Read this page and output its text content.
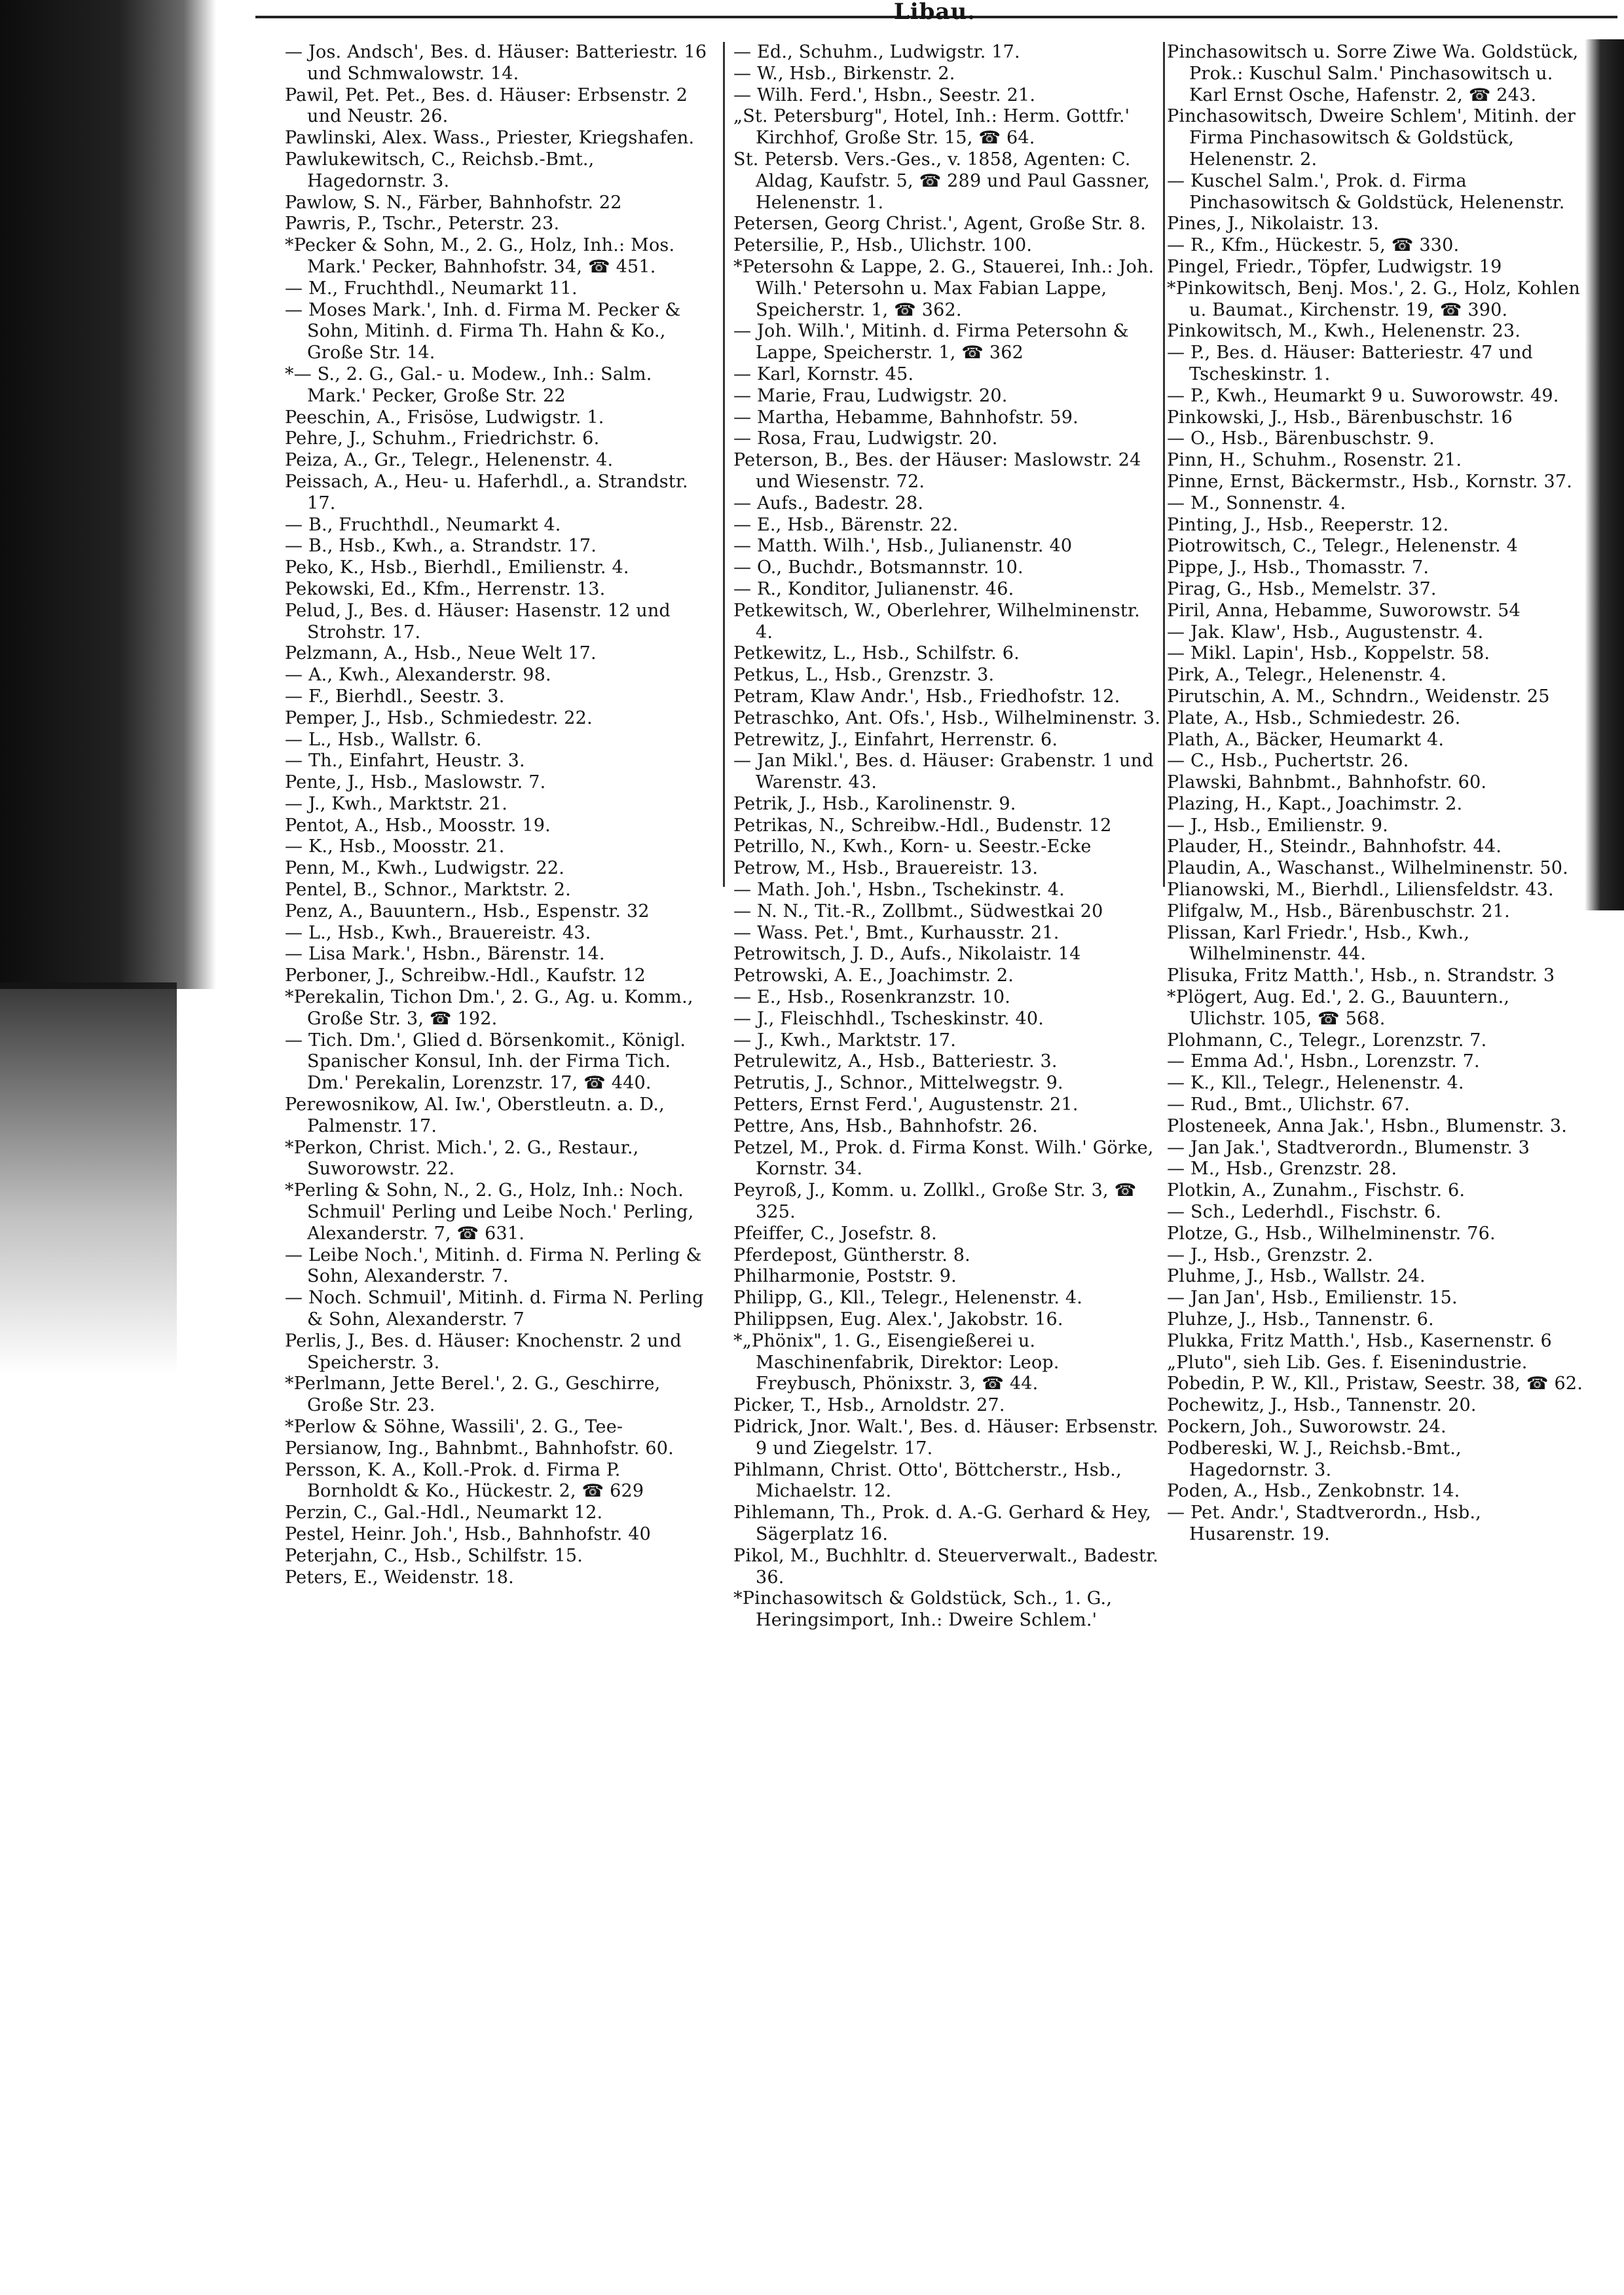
Libau.
— Jos. Andsch', Bes. d. Häuser: Batteriestr. 16 und Schmwalowstr. 14.
Pawil, Pet. Pet., Bes. d. Häuser: Erbsenstr. 2 und Neustr. 26.
Pawlinski, Alex. Wass., Priester, Kriegshafen.
Pawlukewitsch, C., Reichsb.-Bmt., Hagedornstr. 3.
Pawlow, S. N., Färber, Bahnhofstr. 22
Pawris, P., Tschr., Peterstr. 23.
*Pecker & Sohn, M., 2. G., Holz, Inh.: Mos. Mark.' Pecker, Bahnhofstr. 34, ☎ 451.
— M., Fruchthdl., Neumarkt 11.
— Moses Mark.', Inh. d. Firma M. Pecker & Sohn, Mitinh. d. Firma Th. Hahn & Ko., Große Str. 14.
*— S., 2. G., Gal.- u. Modew., Inh.: Salm. Mark.' Pecker, Große Str. 22
Peeschin, A., Frisöse, Ludwigstr. 1.
Pehre, J., Schuhm., Friedrichstr. 6.
Peiza, A., Gr., Telegr., Helenenstr. 4.
Peissach, A., Heu- u. Haferhdl., a. Strandstr. 17.
— B., Fruchthdl., Neumarkt 4.
— B., Hsb., Kwh., a. Strandstr. 17.
Peko, K., Hsb., Bierhdl., Emilienstr. 4.
Pekowski, Ed., Kfm., Herrenstr. 13.
Pelud, J., Bes. d. Häuser: Hasenstr. 12 und Strohstr. 17.
Pelzmann, A., Hsb., Neue Welt 17.
— A., Kwh., Alexanderstr. 98.
— F., Bierhdl., Seestr. 3.
Pemper, J., Hsb., Schmiedestr. 22.
— L., Hsb., Wallstr. 6.
— Th., Einfahrt, Heustr. 3.
Pente, J., Hsb., Maslowstr. 7.
— J., Kwh., Marktstr. 21.
Pentot, A., Hsb., Moosstr. 19.
— K., Hsb., Moosstr. 21.
Penn, M., Kwh., Ludwigstr. 22.
Pentel, B., Schnor., Marktstr. 2.
Penz, A., Bauuntern., Hsb., Espenstr. 32
— L., Hsb., Kwh., Brauereistr. 43.
— Lisa Mark.', Hsbn., Bärenstr. 14.
Perboner, J., Schreibw.-Hdl., Kaufstr. 12
*Perekalin, Tichon Dm.', 2. G., Ag. u. Komm., Große Str. 3, ☎ 192.
— Tich. Dm.', Glied d. Börsenkomit., Königl. Spanischer Konsul, Inh. der Firma Tich. Dm.' Perekalin, Lorenzstr. 17, ☎ 440.
Perewosnikow, Al. Iw.', Oberstleutn. a. D., Palmenstr. 17.
*Perkon, Christ. Mich.', 2. G., Restaur., Suworowstr. 22.
*Perling & Sohn, N., 2. G., Holz, Inh.: Noch. Schmuil' Perling und Leibe Noch.' Perling, Alexanderstr. 7, ☎ 631.
— Leibe Noch.', Mitinh. d. Firma N. Perling & Sohn, Alexanderstr. 7.
— Noch. Schmuil', Mitinh. d. Firma N. Perling & Sohn, Alexanderstr. 7
Perlis, J., Bes. d. Häuser: Knochenstr. 2 und Speicherstr. 3.
*Perlmann, Jette Berel.', 2. G., Geschirre, Große Str. 23.
*Perlow & Söhne, Wassili', 2. G., Tee-
Persianow, Ing., Bahnbmt., Bahnhofstr. 60.
Persson, K. A., Koll.-Prok. d. Firma P. Bornholdt & Ko., Hückestr. 2, ☎ 629
Perzin, C., Gal.-Hdl., Neumarkt 12.
Pestel, Heinr. Joh.', Hsb., Bahnhofstr. 40
Peterjahn, C., Hsb., Schilfstr. 15.
Peters, E., Weidenstr. 18.
— Ed., Schuhm., Ludwigstr. 17.
— W., Hsb., Birkenstr. 2.
— Wilh. Ferd.', Hsbn., Seestr. 21.
„St. Petersburg", Hotel, Inh.: Herm. Gottfr.' Kirchhof, Große Str. 15, ☎ 64.
St. Petersb. Vers.-Ges., v. 1858, Agenten: C. Aldag, Kaufstr. 5, ☎ 289 und Paul Gassner, Helenenstr. 1.
Petersen, Georg Christ.', Agent, Große Str. 8.
Petersilie, P., Hsb., Ulichstr. 100.
*Petersohn & Lappe, 2. G., Stauerei, Inh.: Joh. Wilh.' Petersohn u. Max Fabian Lappe, Speicherstr. 1, ☎ 362.
— Joh. Wilh.', Mitinh. d. Firma Petersohn & Lappe, Speicherstr. 1, ☎ 362
— Karl, Kornstr. 45.
— Marie, Frau, Ludwigstr. 20.
— Martha, Hebamme, Bahnhofstr. 59.
— Rosa, Frau, Ludwigstr. 20.
Peterson, B., Bes. der Häuser: Maslowstr. 24 und Wiesenstr. 72.
— Aufs., Badestr. 28.
— E., Hsb., Bärenstr. 22.
— Matth. Wilh.', Hsb., Julianenstr. 40
— O., Buchdr., Botsmannstr. 10.
— R., Konditor, Julianenstr. 46.
Petkewitsch, W., Oberlehrer, Wilhelminenstr. 4.
Petkewitz, L., Hsb., Schilfstr. 6.
Petkus, L., Hsb., Grenzstr. 3.
Petram, Klaw Andr.', Hsb., Friedhofstr. 12.
Petraschko, Ant. Ofs.', Hsb., Wilhelminenstr. 3.
Petrewitz, J., Einfahrt, Herrenstr. 6.
— Jan Mikl.', Bes. d. Häuser: Grabenstr. 1 und Warenstr. 43.
Petrik, J., Hsb., Karolinenstr. 9.
Petrikas, N., Schreibw.-Hdl., Budenstr. 12
Petrillo, N., Kwh., Korn- u. Seestr.-Ecke
Petrow, M., Hsb., Brauereistr. 13.
— Math. Joh.', Hsbn., Tschekinstr. 4.
— N. N., Tit.-R., Zollbmt., Südwestkai 20
— Wass. Pet.', Bmt., Kurhausstr. 21.
Petrowitsch, J. D., Aufs., Nikolaistr. 14
Petrowski, A. E., Joachimstr. 2.
— E., Hsb., Rosenkranzstr. 10.
— J., Fleischhdl., Tscheskinstr. 40.
— J., Kwh., Marktstr. 17.
Petrulewitz, A., Hsb., Batteriestr. 3.
Petrutis, J., Schnor., Mittelwegstr. 9.
Petters, Ernst Ferd.', Augustenstr. 21.
Pettre, Ans, Hsb., Bahnhofstr. 26.
Petzel, M., Prok. d. Firma Konst. Wilh.' Görke, Kornstr. 34.
Peyroß, J., Komm. u. Zollkl., Große Str. 3, ☎ 325.
Pfeiffer, C., Josefstr. 8.
Pferdepost, Güntherstr. 8.
Philharmonie, Poststr. 9.
Philipp, G., Kll., Telegr., Helenenstr. 4.
Philippsen, Eug. Alex.', Jakobstr. 16.
*„Phönix", 1. G., Eisengießerei u. Maschinenfabrik, Direktor: Leop. Freybusch, Phönixstr. 3, ☎ 44.
Picker, T., Hsb., Arnoldstr. 27.
Pidrick, Jnor. Walt.', Bes. d. Häuser: Erbsenstr. 9 und Ziegelstr. 17.
Pihlmann, Christ. Otto', Böttcherstr., Hsb., Michaelstr. 12.
Pihlemann, Th., Prok. d. A.-G. Gerhard & Hey, Sägerplatz 16.
Pikol, M., Buchhltr. d. Steuerverwalt., Badestr. 36.
*Pinchasowitsch & Goldstück, Sch., 1. G., Heringsimport, Inh.: Dweire Schlem.'
Pinchasowitsch u. Sorre Ziwe Wa. Goldstück, Prok.: Kuschul Salm.' Pinchasowitsch u. Karl Ernst Osche, Hafenstr. 2, ☎ 243.
Pinchasowitsch, Dweire Schlem', Mitinh. der Firma Pinchasowitsch & Goldstück, Helenenstr. 2.
— Kuschel Salm.', Prok. d. Firma Pinchasowitsch & Goldstück, Helenenstr.
Pines, J., Nikolaistr. 13.
— R., Kfm., Hückestr. 5, ☎ 330.
Pingel, Friedr., Töpfer, Ludwigstr. 19
*Pinkowitsch, Benj. Mos.', 2. G., Holz, Kohlen u. Baumat., Kirchenstr. 19, ☎ 390.
Pinkowitsch, M., Kwh., Helenenstr. 23.
— P., Bes. d. Häuser: Batteriestr. 47 und Tscheskinstr. 1.
— P., Kwh., Heumarkt 9 u. Suworowstr. 49.
Pinkowski, J., Hsb., Bärenbuschstr. 16
— O., Hsb., Bärenbuschstr. 9.
Pinn, H., Schuhm., Rosenstr. 21.
Pinne, Ernst, Bäckermstr., Hsb., Kornstr. 37.
— M., Sonnenstr. 4.
Pinting, J., Hsb., Reeperstr. 12.
Piotrowitsch, C., Telegr., Helenenstr. 4
Pippe, J., Hsb., Thomasstr. 7.
Pirag, G., Hsb., Memelstr. 37.
Piril, Anna, Hebamme, Suworowstr. 54
— Jak. Klaw', Hsb., Augustenstr. 4.
— Mikl. Lapin', Hsb., Koppelstr. 58.
Pirk, A., Telegr., Helenenstr. 4.
Pirutschin, A. M., Schndrn., Weidenstr. 25
Plate, A., Hsb., Schmiedestr. 26.
Plath, A., Bäcker, Heumarkt 4.
— C., Hsb., Puchertstr. 26.
Plawski, Bahnbmt., Bahnhofstr. 60.
Plazing, H., Kapt., Joachimstr. 2.
— J., Hsb., Emilienstr. 9.
Plauder, H., Steindr., Bahnhofstr. 44.
Plaudin, A., Waschanst., Wilhelminenstr. 50.
Plianowski, M., Bierhdl., Liliensfeldstr. 43.
Plifgalw, M., Hsb., Bärenbuschstr. 21.
Plissan, Karl Friedr.', Hsb., Kwh., Wilhelminenstr. 44.
Plisuka, Fritz Matth.', Hsb., n. Strandstr. 3
*Plögert, Aug. Ed.', 2. G., Bauuntern., Ulichstr. 105, ☎ 568.
Plohmann, C., Telegr., Lorenzstr. 7.
— Emma Ad.', Hsbn., Lorenzstr. 7.
— K., Kll., Telegr., Helenenstr. 4.
— Rud., Bmt., Ulichstr. 67.
Plosteneek, Anna Jak.', Hsbn., Blumenstr. 3.
— Jan Jak.', Stadtverordn., Blumenstr. 3
— M., Hsb., Grenzstr. 28.
Plotkin, A., Zunahm., Fischstr. 6.
— Sch., Lederhdl., Fischstr. 6.
Plotze, G., Hsb., Wilhelminenstr. 76.
— J., Hsb., Grenzstr. 2.
Pluhme, J., Hsb., Wallstr. 24.
— Jan Jan', Hsb., Emilienstr. 15.
Pluhze, J., Hsb., Tannenstr. 6.
Plukka, Fritz Matth.', Hsb., Kasernenstr. 6
„Pluto", sieh Lib. Ges. f. Eisenindustrie.
Pobedin, P. W., Kll., Pristaw, Seestr. 38, ☎ 62.
Pochewitz, J., Hsb., Tannenstr. 20.
Pockern, Joh., Suworowstr. 24.
Podbereski, W. J., Reichsb.-Bmt., Hagedornstr. 3.
Poden, A., Hsb., Zenkobnstr. 14.
— Pet. Andr.', Stadtverordn., Hsb., Husarenstr. 19.
